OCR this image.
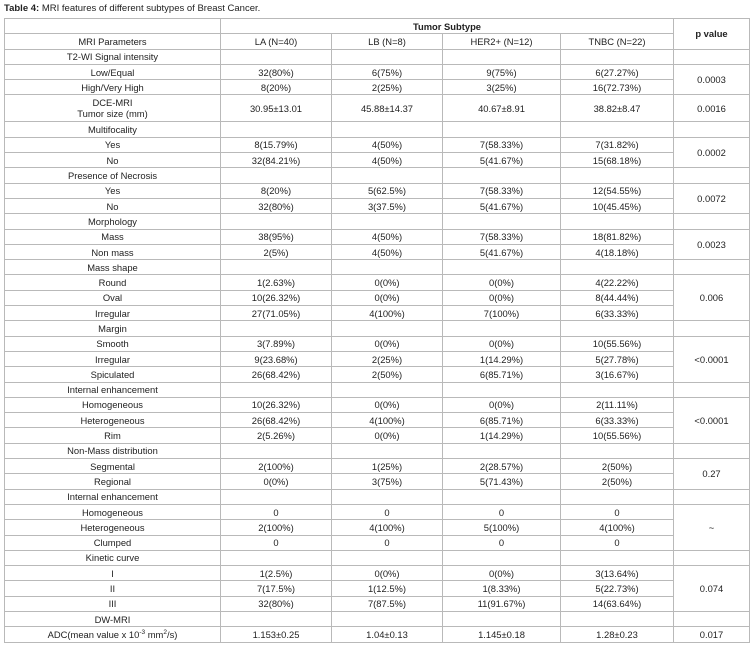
Table 4: MRI features of different subtypes of Breast Cancer.
	Tumor Subtype				p value
MRI Parameters	LA (N=40)	LB (N=8)	HER2+ (N=12)	TNBC (N=22)	
T2-WI Signal intensity					
Low/Equal	32(80%)	6(75%)	9(75%)	6(27.27%)	0.0003
High/Very High	8(20%)	2(25%)	3(25%)	16(72.73%)	
DCE-MRI
Tumor size (mm)	30.95±13.01	45.88±14.37	40.67±8.91	38.82±8.47	0.0016
Multifocality					
Yes	8(15.79%)	4(50%)	7(58.33%)	7(31.82%)	0.0002
No	32(84.21%)	4(50%)	5(41.67%)	15(68.18%)	
Presence of Necrosis					
Yes	8(20%)	5(62.5%)	7(58.33%)	12(54.55%)	0.0072
No	32(80%)	3(37.5%)	5(41.67%)	10(45.45%)	
Morphology					
Mass	38(95%)	4(50%)	7(58.33%)	18(81.82%)	0.0023
Non mass	2(5%)	4(50%)	5(41.67%)	4(18.18%)	
Mass shape					
Round	1(2.63%)	0(0%)	0(0%)	4(22.22%)	0.006
Oval	10(26.32%)	0(0%)	0(0%)	8(44.44%)	
Irregular	27(71.05%)	4(100%)	7(100%)	6(33.33%)	
Margin					
Smooth	3(7.89%)	0(0%)	0(0%)	10(55.56%)	<0.0001
Irregular	9(23.68%)	2(25%)	1(14.29%)	5(27.78%)	
Spiculated	26(68.42%)	2(50%)	6(85.71%)	3(16.67%)	
Internal enhancement					
Homogeneous	10(26.32%)	0(0%)	0(0%)	2(11.11%)	<0.0001
Heterogeneous	26(68.42%)	4(100%)	6(85.71%)	6(33.33%)	
Rim	2(5.26%)	0(0%)	1(14.29%)	10(55.56%)	
Non-Mass distribution					
Segmental	2(100%)	1(25%)	2(28.57%)	2(50%)	0.27
Regional	0(0%)	3(75%)	5(71.43%)	2(50%)	
Internal enhancement					
Homogeneous	0	0	0	0	~
Heterogeneous	2(100%)	4(100%)	5(100%)	4(100%)	
Clumped	0	0	0	0	
Kinetic curve					
I	1(2.5%)	0(0%)	0(0%)	3(13.64%)	0.074
II	7(17.5%)	1(12.5%)	1(8.33%)	5(22.73%)	
III	32(80%)	7(87.5%)	11(91.67%)	14(63.64%)	
DW-MRI					
ADC(mean value x $10^{-3}$ $mm^2/s$)	1.153±0.25	1.04±0.13	1.145±0.18	1.28±0.23	0.017
